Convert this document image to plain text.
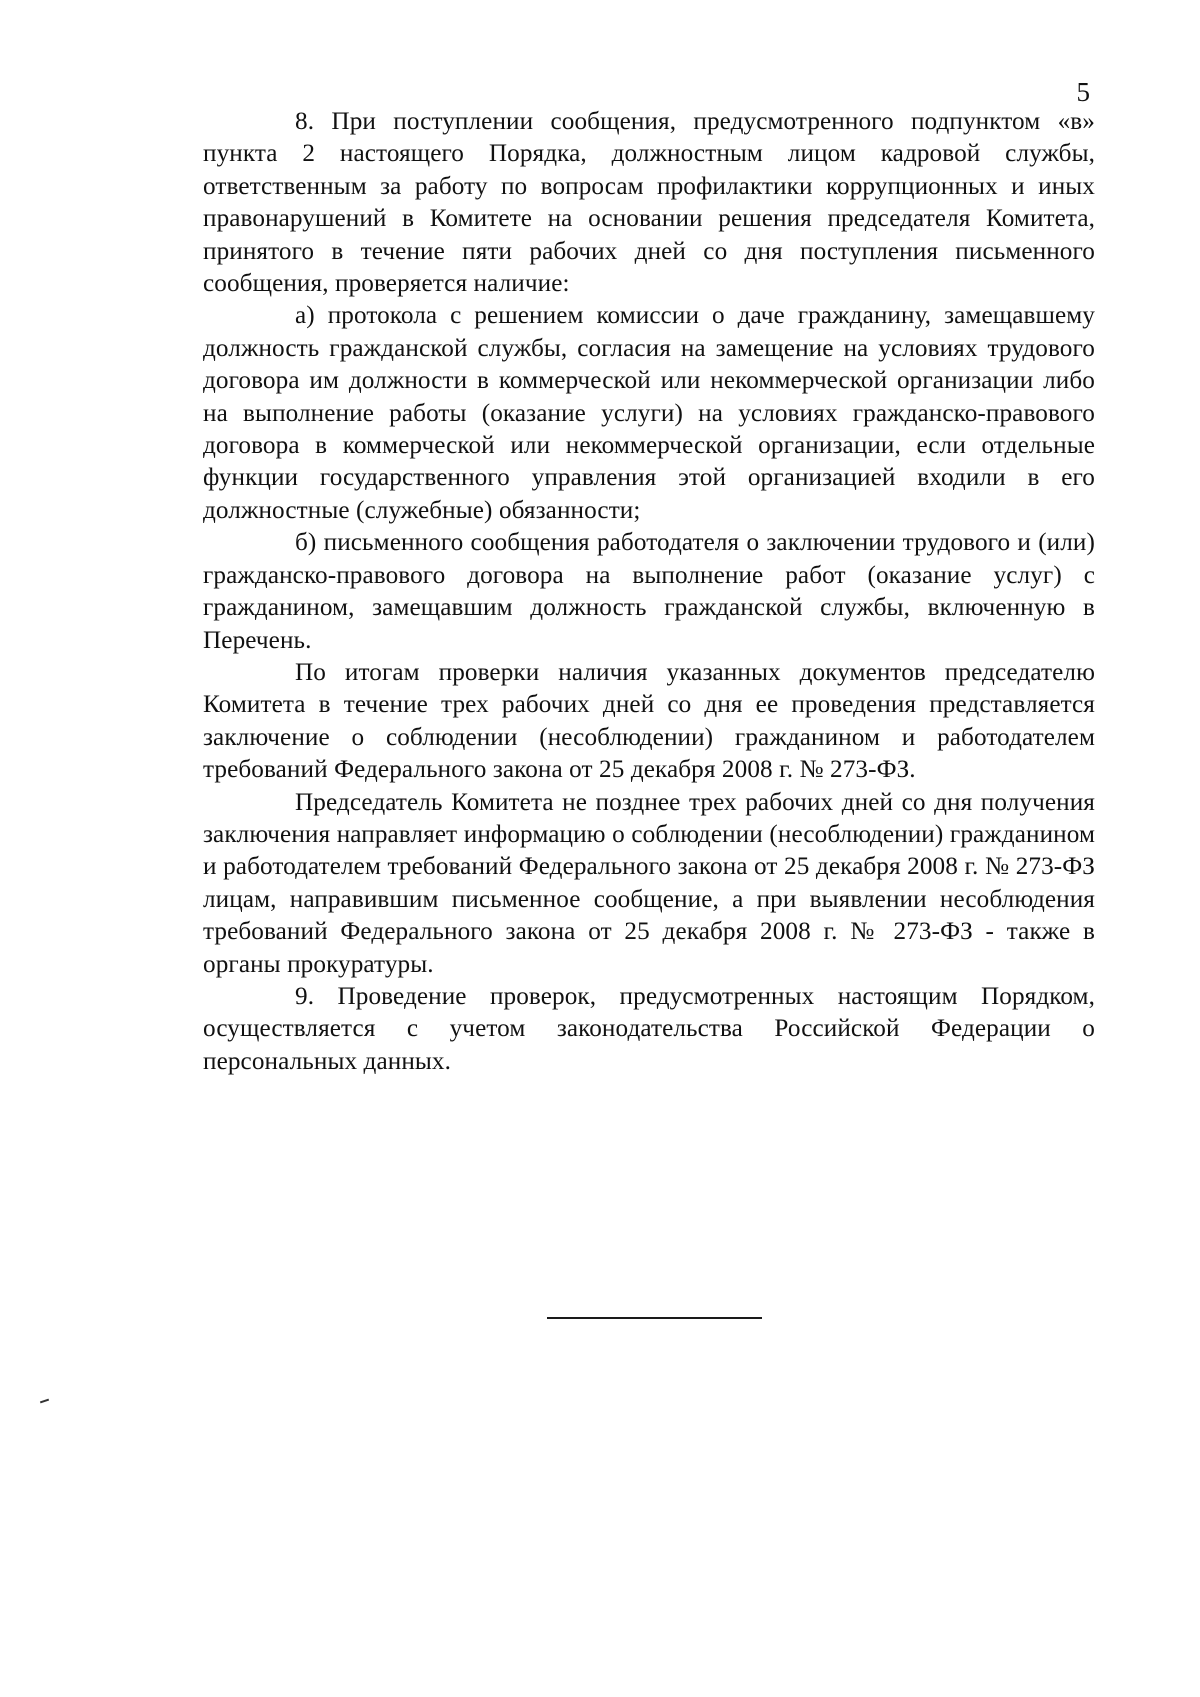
5

8. При поступлении сообщения, предусмотренного подпунктом «в» пункта 2 настоящего Порядка, должностным лицом кадровой службы, ответственным за работу по вопросам профилактики коррупционных и иных правонарушений в Комитете на основании решения председателя Комитета, принятого в течение пяти рабочих дней со дня поступления письменного сообщения, проверяется наличие:

а) протокола с решением комиссии о даче гражданину, замещавшему должность гражданской службы, согласия на замещение на условиях трудового договора им должности в коммерческой или некоммерческой организации либо на выполнение работы (оказание услуги) на условиях гражданско-правового договора в коммерческой или некоммерческой организации, если отдельные функции государственного управления этой организацией входили в его должностные (служебные) обязанности;

б) письменного сообщения работодателя о заключении трудового и (или) гражданско-правового договора на выполнение работ (оказание услуг) с гражданином, замещавшим должность гражданской службы, включенную в Перечень.

По итогам проверки наличия указанных документов председателю Комитета в течение трех рабочих дней со дня ее проведения представляется заключение о соблюдении (несоблюдении) гражданином и работодателем требований Федерального закона от 25 декабря 2008 г. № 273-ФЗ.

Председатель Комитета не позднее трех рабочих дней со дня получения заключения направляет информацию о соблюдении (несоблюдении) гражданином и работодателем требований Федерального закона от 25 декабря 2008 г. № 273-ФЗ лицам, направившим письменное сообщение, а при выявлении несоблюдения требований Федерального закона от 25 декабря 2008 г. № 273-ФЗ - также в органы прокуратуры.

9. Проведение проверок, предусмотренных настоящим Порядком, осуществляется с учетом законодательства Российской Федерации о персональных данных.
